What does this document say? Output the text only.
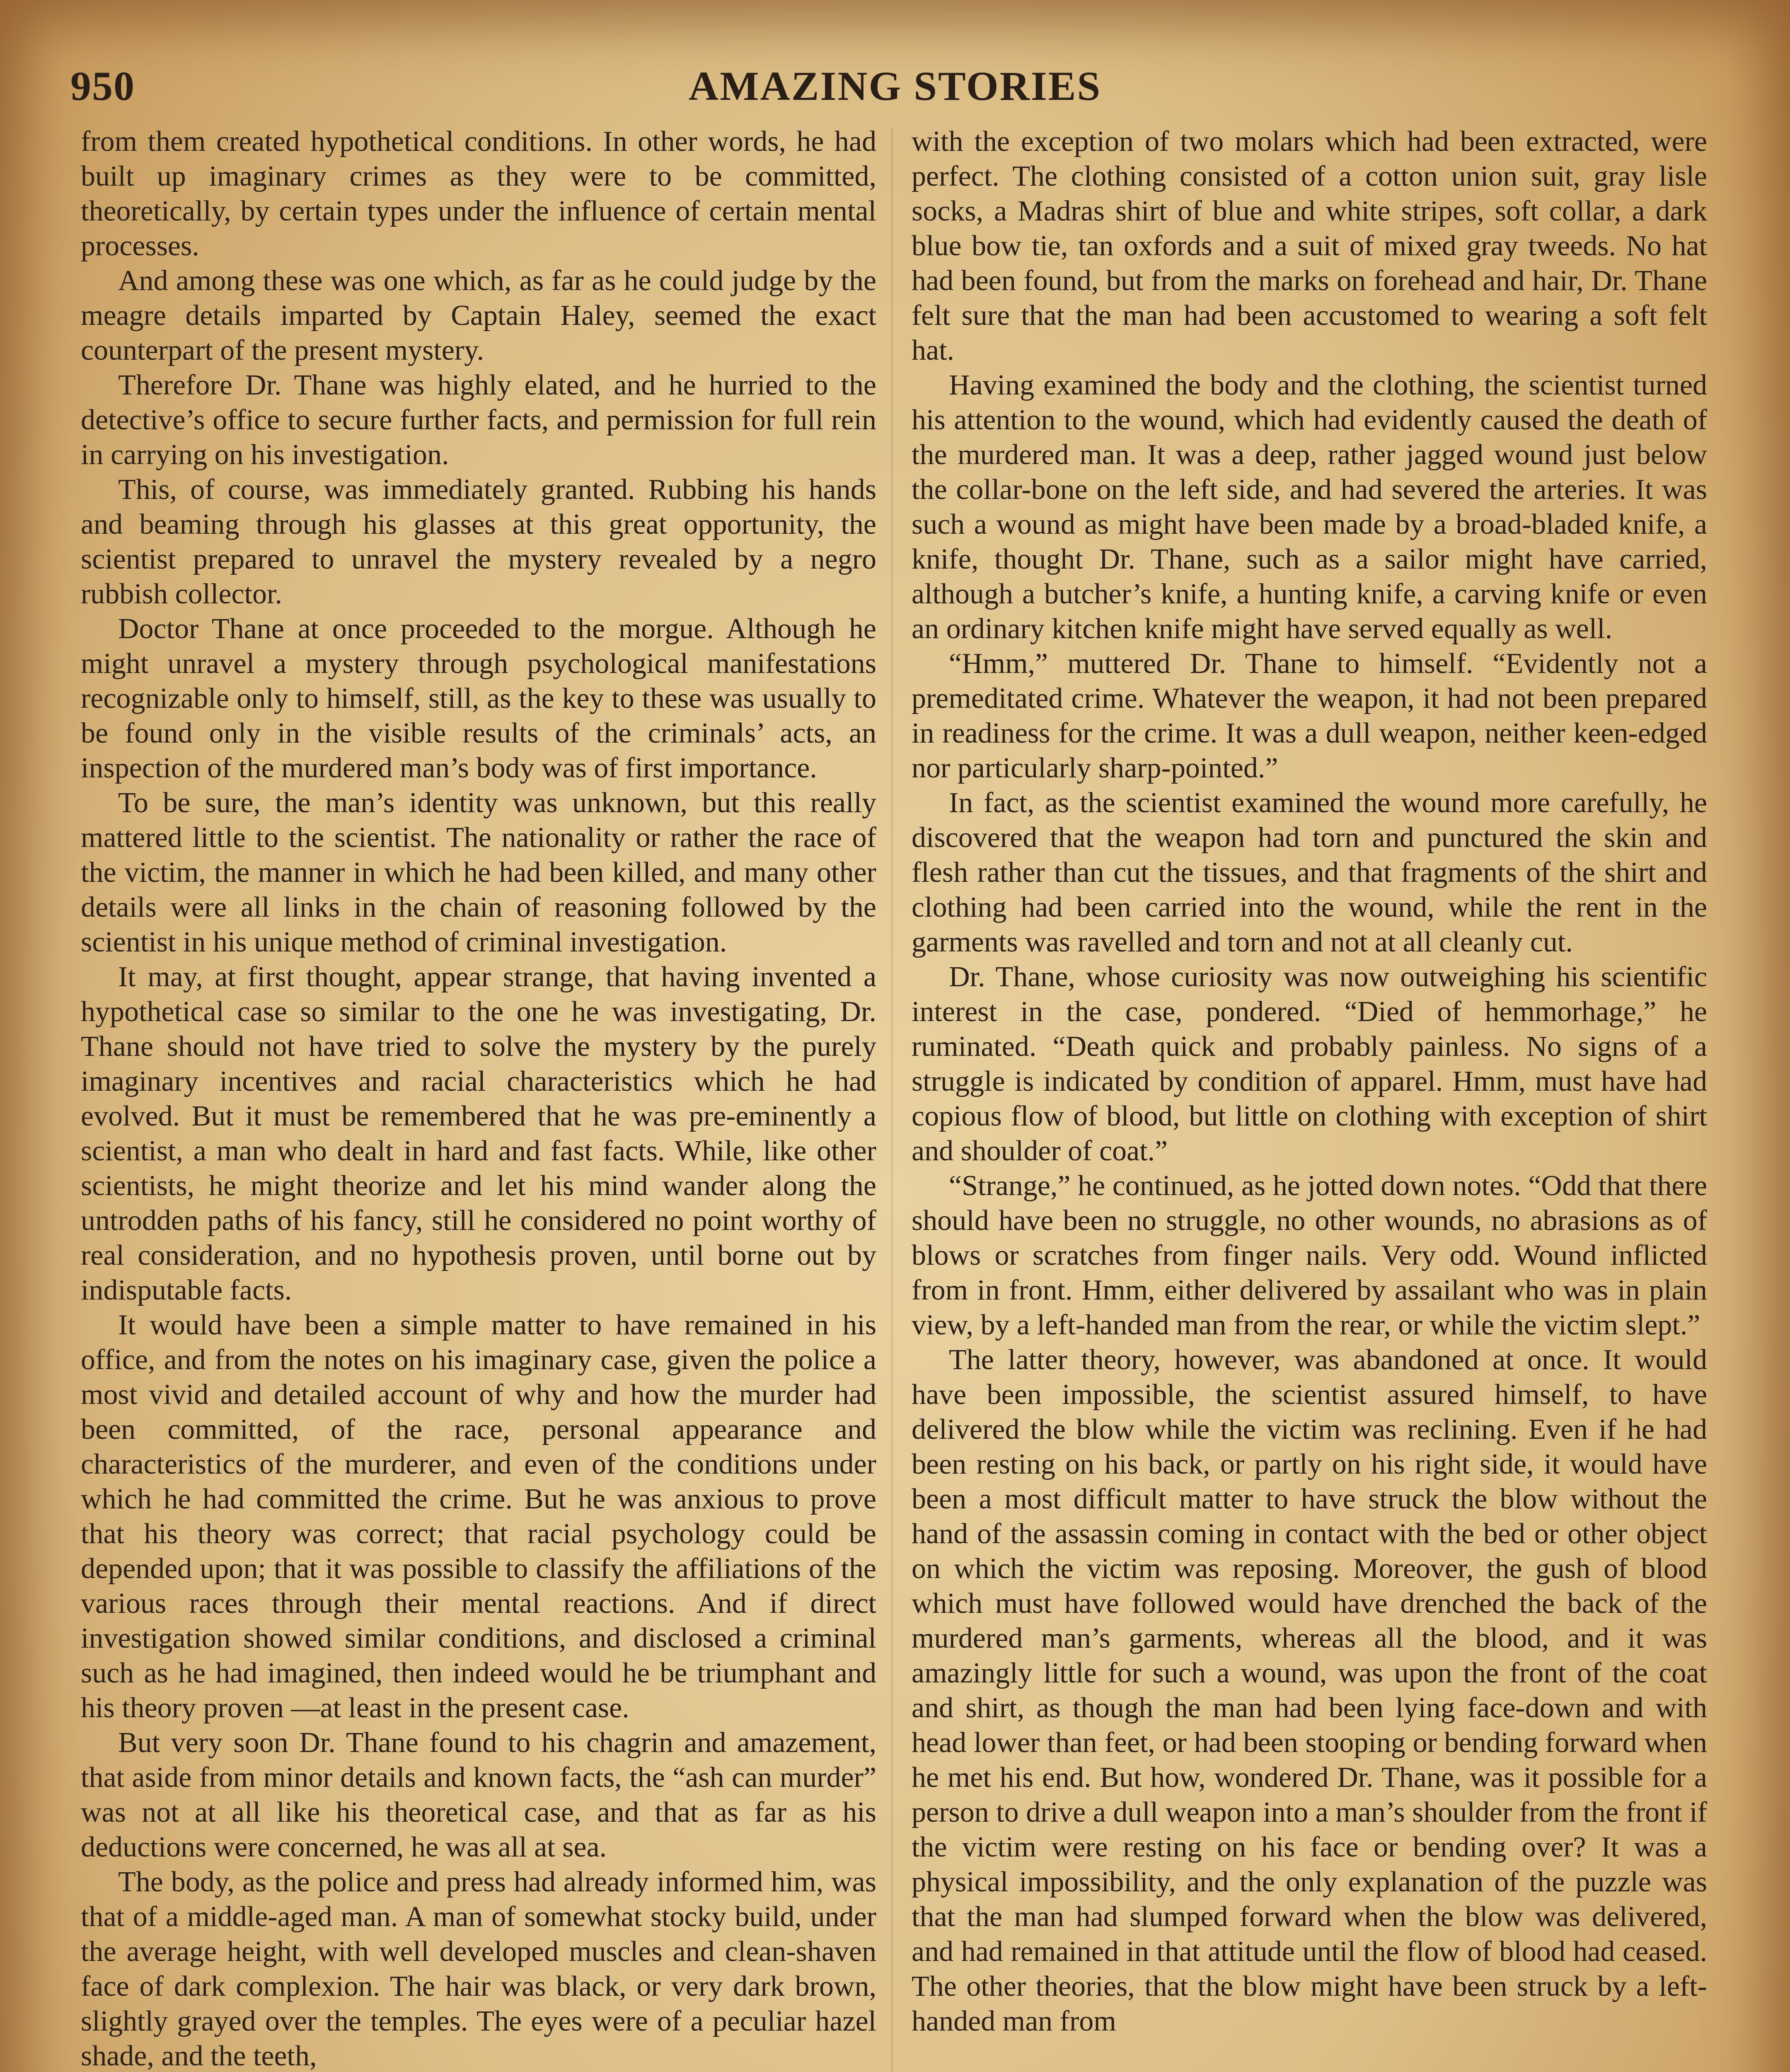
950	AMAZING STORIES

from them created hypothetical conditions. In other words, he had built up imaginary crimes as they were to be committed, theoretically, by certain types under the influence of certain mental processes.

And among these was one which, as far as he could judge by the meagre details imparted by Captain Haley, seemed the exact counterpart of the present mystery.

Therefore Dr. Thane was highly elated, and he hurried to the detective’s office to secure further facts, and permission for full rein in carrying on his investigation.

This, of course, was immediately granted. Rubbing his hands and beaming through his glasses at this great opportunity, the scientist prepared to unravel the mystery revealed by a negro rubbish collector.

Doctor Thane at once proceeded to the morgue. Although he might unravel a mystery through psychological manifestations recognizable only to himself, still, as the key to these was usually to be found only in the visible results of the criminals’ acts, an inspection of the murdered man’s body was of first importance.

To be sure, the man’s identity was unknown, but this really mattered little to the scientist. The nationality or rather the race of the victim, the manner in which he had been killed, and many other details were all links in the chain of reasoning followed by the scientist in his unique method of criminal investigation.

It may, at first thought, appear strange, that having invented a hypothetical case so similar to the one he was investigating, Dr. Thane should not have tried to solve the mystery by the purely imaginary incentives and racial characteristics which he had evolved. But it must be remembered that he was pre-eminently a scientist, a man who dealt in hard and fast facts. While, like other scientists, he might theorize and let his mind wander along the untrodden paths of his fancy, still he considered no point worthy of real consideration, and no hypothesis proven, until borne out by indisputable facts.

It would have been a simple matter to have remained in his office, and from the notes on his imaginary case, given the police a most vivid and detailed account of why and how the murder had been committed, of the race, personal appearance and characteristics of the murderer, and even of the conditions under which he had committed the crime. But he was anxious to prove that his theory was correct; that racial psychology could be depended upon; that it was possible to classify the affiliations of the various races through their mental reactions. And if direct investigation showed similar conditions, and disclosed a criminal such as he had imagined, then indeed would he be triumphant and his theory proven —at least in the present case.

But very soon Dr. Thane found to his chagrin and amazement, that aside from minor details and known facts, the “ash can murder” was not at all like his theoretical case, and that as far as his deductions were concerned, he was all at sea.

The body, as the police and press had already informed him, was that of a middle-aged man. A man of somewhat stocky build, under the average height, with well developed muscles and clean-shaven face of dark complexion. The hair was black, or very dark brown, slightly grayed over the temples. The eyes were of a peculiar hazel shade, and the teeth,

with the exception of two molars which had been extracted, were perfect. The clothing consisted of a cotton union suit, gray lisle socks, a Madras shirt of blue and white stripes, soft collar, a dark blue bow tie, tan oxfords and a suit of mixed gray tweeds. No hat had been found, but from the marks on forehead and hair, Dr. Thane felt sure that the man had been accustomed to wearing a soft felt hat.

Having examined the body and the clothing, the scientist turned his attention to the wound, which had evidently caused the death of the murdered man. It was a deep, rather jagged wound just below the collar-bone on the left side, and had severed the arteries. It was such a wound as might have been made by a broad-bladed knife, a knife, thought Dr. Thane, such as a sailor might have carried, although a butcher’s knife, a hunting knife, a carving knife or even an ordinary kitchen knife might have served equally as well.

“Hmm,” muttered Dr. Thane to himself. “Evidently not a premeditated crime. Whatever the weapon, it had not been prepared in readiness for the crime. It was a dull weapon, neither keen-edged nor particularly sharp-pointed.”

In fact, as the scientist examined the wound more carefully, he discovered that the weapon had torn and punctured the skin and flesh rather than cut the tissues, and that fragments of the shirt and clothing had been carried into the wound, while the rent in the garments was ravelled and torn and not at all cleanly cut.

Dr. Thane, whose curiosity was now outweighing his scientific interest in the case, pondered. “Died of hemmorhage,” he ruminated. “Death quick and probably painless. No signs of a struggle is indicated by condition of apparel. Hmm, must have had copious flow of blood, but little on clothing with exception of shirt and shoulder of coat.”

“Strange,” he continued, as he jotted down notes. “Odd that there should have been no struggle, no other wounds, no abrasions as of blows or scratches from finger nails. Very odd. Wound inflicted from in front. Hmm, either delivered by assailant who was in plain view, by a left-handed man from the rear, or while the victim slept.”

The latter theory, however, was abandoned at once. It would have been impossible, the scientist assured himself, to have delivered the blow while the victim was reclining. Even if he had been resting on his back, or partly on his right side, it would have been a most difficult matter to have struck the blow without the hand of the assassin coming in contact with the bed or other object on which the victim was reposing. Moreover, the gush of blood which must have followed would have drenched the back of the murdered man’s garments, whereas all the blood, and it was amazingly little for such a wound, was upon the front of the coat and shirt, as though the man had been lying face-down and with head lower than feet, or had been stooping or bending forward when he met his end. But how, wondered Dr. Thane, was it possible for a person to drive a dull weapon into a man’s shoulder from the front if the victim were resting on his face or bending over? It was a physical impossibility, and the only explanation of the puzzle was that the man had slumped forward when the blow was delivered, and had remained in that attitude until the flow of blood had ceased. The other theories, that the blow might have been struck by a left-handed man from
